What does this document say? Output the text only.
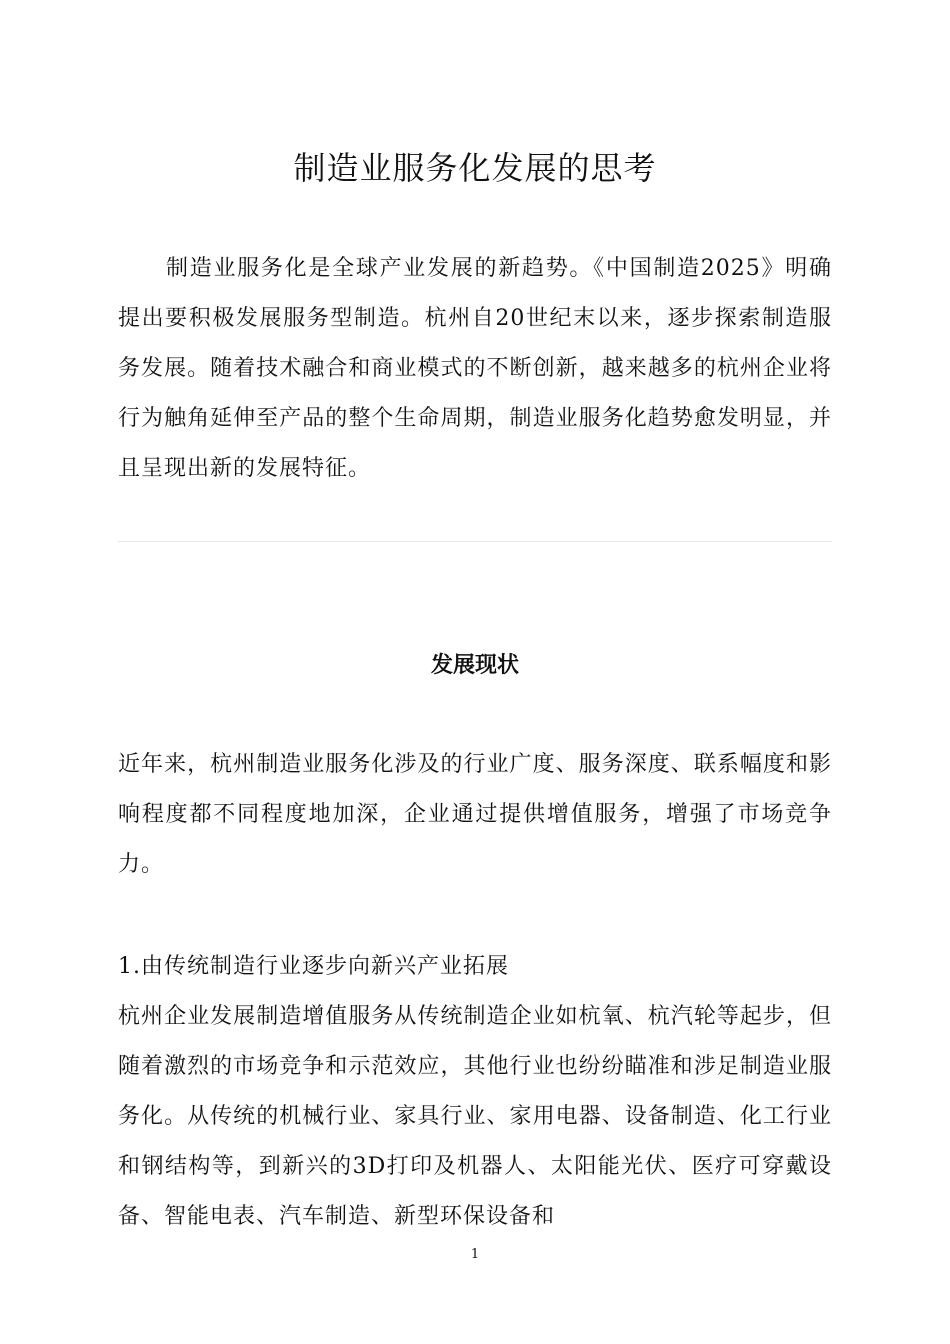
制造业服务化发展的思考

制造业服务化是全球产业发展的新趋势。《中国制造2025》明确提出要积极发展服务型制造。杭州自20世纪末以来，逐步探索制造服务发展。随着技术融合和商业模式的不断创新，越来越多的杭州企业将行为触角延伸至产品的整个生命周期，制造业服务化趋势愈发明显，并且呈现出新的发展特征。

发展现状

近年来，杭州制造业服务化涉及的行业广度、服务深度、联系幅度和影响程度都不同程度地加深，企业通过提供增值服务，增强了市场竞争力。

1.由传统制造行业逐步向新兴产业拓展

杭州企业发展制造增值服务从传统制造企业如杭氧、杭汽轮等起步，但随着激烈的市场竞争和示范效应，其他行业也纷纷瞄准和涉足制造业服务化。从传统的机械行业、家具行业、家用电器、设备制造、化工行业和钢结构等，到新兴的3D打印及机器人、太阳能光伏、医疗可穿戴设备、智能电表、汽车制造、新型环保设备和

1
